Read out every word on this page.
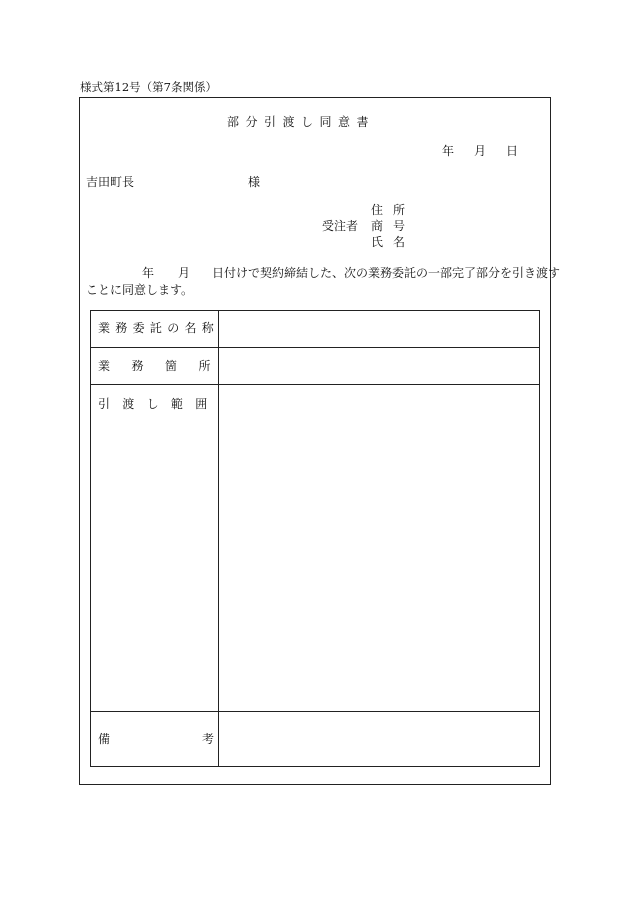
様式第12号（第7条関係）
部分引渡し同意書
年 月 日
吉田町長	様
受注者
住所
商号
氏名
年 月 日付けで契約締結した、次の業務委託の一部完了部分を引き渡す
ことに同意します。
業務委託の名称
業務箇所
引渡し範囲
備	考
